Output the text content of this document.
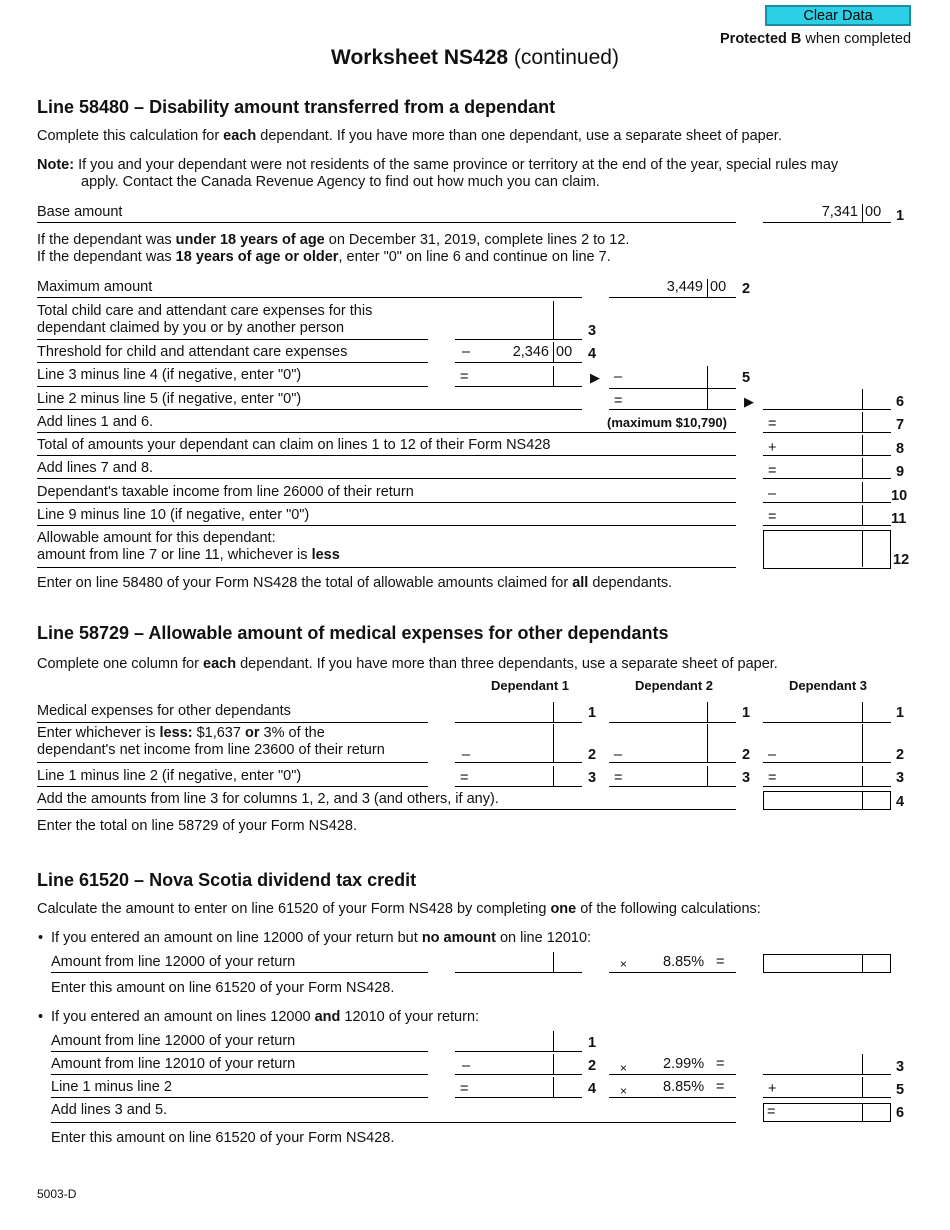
Clear Data
Protected B when completed
Worksheet NS428 (continued)
Line 58480 – Disability amount transferred from a dependant
Complete this calculation for each dependant. If you have more than one dependant, use a separate sheet of paper.
Note: If you and your dependant were not residents of the same province or territory at the end of the year, special rules may
apply. Contact the Canada Revenue Agency to find out how much you can claim.
Base amount	7,341 00 1
If the dependant was under 18 years of age on December 31, 2019, complete lines 2 to 12.
If the dependant was 18 years of age or older, enter "0" on line 6 and continue on line 7.
Maximum amount	3,449 00 2
Total child care and attendant care expenses for this
dependant claimed by you or by another person	3
Threshold for child and attendant care expenses	–	2,346 00 4
Line 3 minus line 4 (if negative, enter "0")	=	▶ –	5
Line 2 minus line 5 (if negative, enter "0")	=	▶	6
Add lines 1 and 6.	(maximum $10,790)	=	7
Total of amounts your dependant can claim on lines 1 to 12 of their Form NS428	+	8
Add lines 7 and 8.	=	9
Dependant's taxable income from line 26000 of their return	–	10
Line 9 minus line 10 (if negative, enter "0")	=	11
Allowable amount for this dependant:
amount from line 7 or line 11, whichever is less	12
Enter on line 58480 of your Form NS428 the total of allowable amounts claimed for all dependants.
Line 58729 – Allowable amount of medical expenses for other dependants
Complete one column for each dependant. If you have more than three dependants, use a separate sheet of paper.
Dependant 1	Dependant 2	Dependant 3
Medical expenses for other dependants	1	1	1
Enter whichever is less: $1,637 or 3% of the
dependant's net income from line 23600 of their return	–	2 –	2 –	2
Line 1 minus line 2 (if negative, enter "0")	=	3 =	3 =	3
Add the amounts from line 3 for columns 1, 2, and 3 (and others, if any).	4
Enter the total on line 58729 of your Form NS428.
Line 61520 – Nova Scotia dividend tax credit
Calculate the amount to enter on line 61520 of your Form NS428 by completing one of the following calculations:
• If you entered an amount on line 12000 of your return but no amount on line 12010:
Amount from line 12000 of your return	× 8.85% =
Enter this amount on line 61520 of your Form NS428.
• If you entered an amount on lines 12000 and 12010 of your return:
Amount from line 12000 of your return	1
Amount from line 12010 of your return	–	2 × 2.99% =	3
Line 1 minus line 2	=	4 × 8.85% =	+	5
Add lines 3 and 5.	=	6
Enter this amount on line 61520 of your Form NS428.
5003-D
